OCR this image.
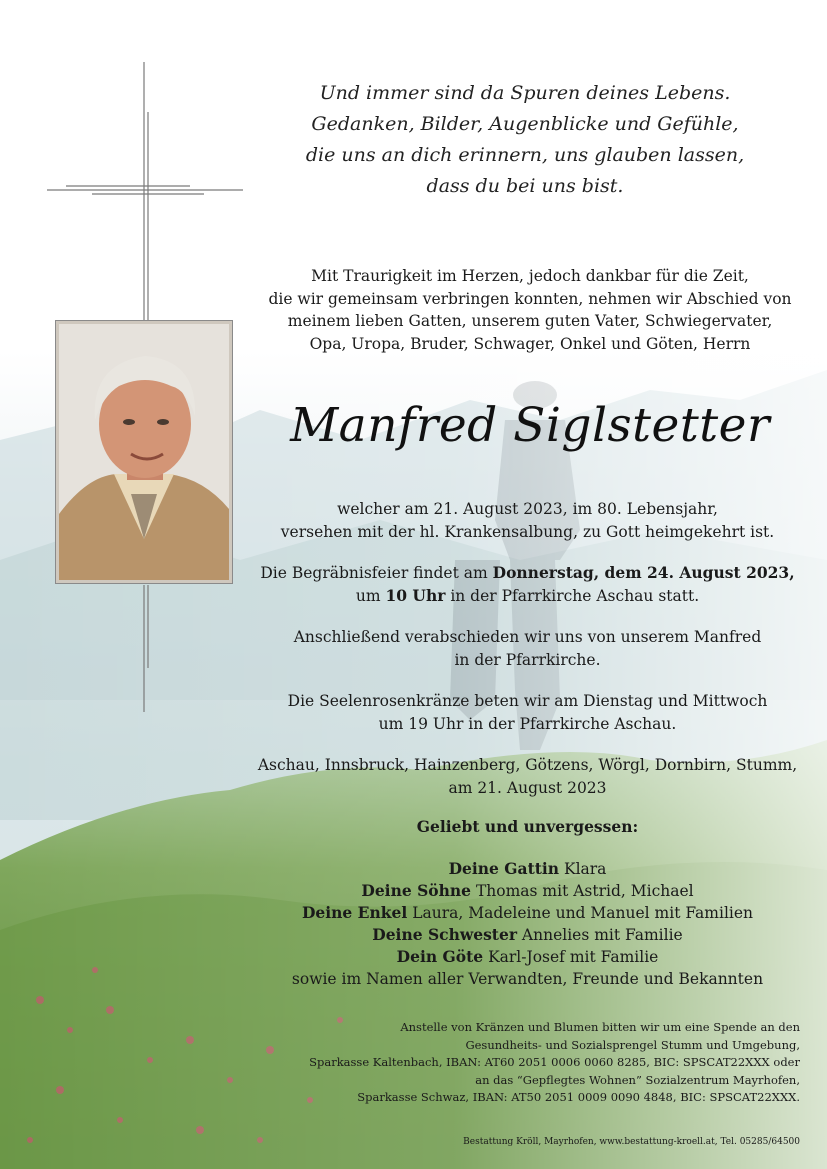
Und immer sind da Spuren deines Lebens.
Gedanken, Bilder, Augenblicke und Gefühle,
die uns an dich erinnern, uns glauben lassen,
dass du bei uns bist.
Mit Traurigkeit im Herzen, jedoch dankbar für die Zeit,
die wir gemeinsam verbringen konnten, nehmen wir Abschied von
meinem lieben Gatten, unserem guten Vater, Schwiegervater,
Opa, Uropa, Bruder, Schwager, Onkel und Göten, Herrn
Manfred Siglstetter
welcher am 21. August 2023, im 80. Lebensjahr,
versehen mit der hl. Krankensalbung, zu Gott heimgekehrt ist.
Die Begräbnisfeier findet am Donnerstag, dem 24. August 2023,
um 10 Uhr in der Pfarrkirche Aschau statt.
Anschließend verabschieden wir uns von unserem Manfred
in der Pfarrkirche.
Die Seelenrosenkränze beten wir am Dienstag und Mittwoch
um 19 Uhr in der Pfarrkirche Aschau.
Aschau, Innsbruck, Hainzenberg, Götzens, Wörgl, Dornbirn, Stumm,
am 21. August 2023
Geliebt und unvergessen:
Deine Gattin Klara
Deine Söhne Thomas mit Astrid, Michael
Deine Enkel Laura, Madeleine und Manuel mit Familien
Deine Schwester Annelies mit Familie
Dein Göte Karl-Josef mit Familie
sowie im Namen aller Verwandten, Freunde und Bekannten
Anstelle von Kränzen und Blumen bitten wir um eine Spende an den
Gesundheits- und Sozialsprengel Stumm und Umgebung,
Sparkasse Kaltenbach, IBAN: AT60 2051 0006 0060 8285, BIC: SPSCAT22XXX oder
an das “Gepflegtes Wohnen” Sozialzentrum Mayrhofen,
Sparkasse Schwaz, IBAN: AT50 2051 0009 0090 4848, BIC: SPSCAT22XXX.
Bestattung Kröll, Mayrhofen, www.bestattung-kroell.at, Tel. 05285/64500
